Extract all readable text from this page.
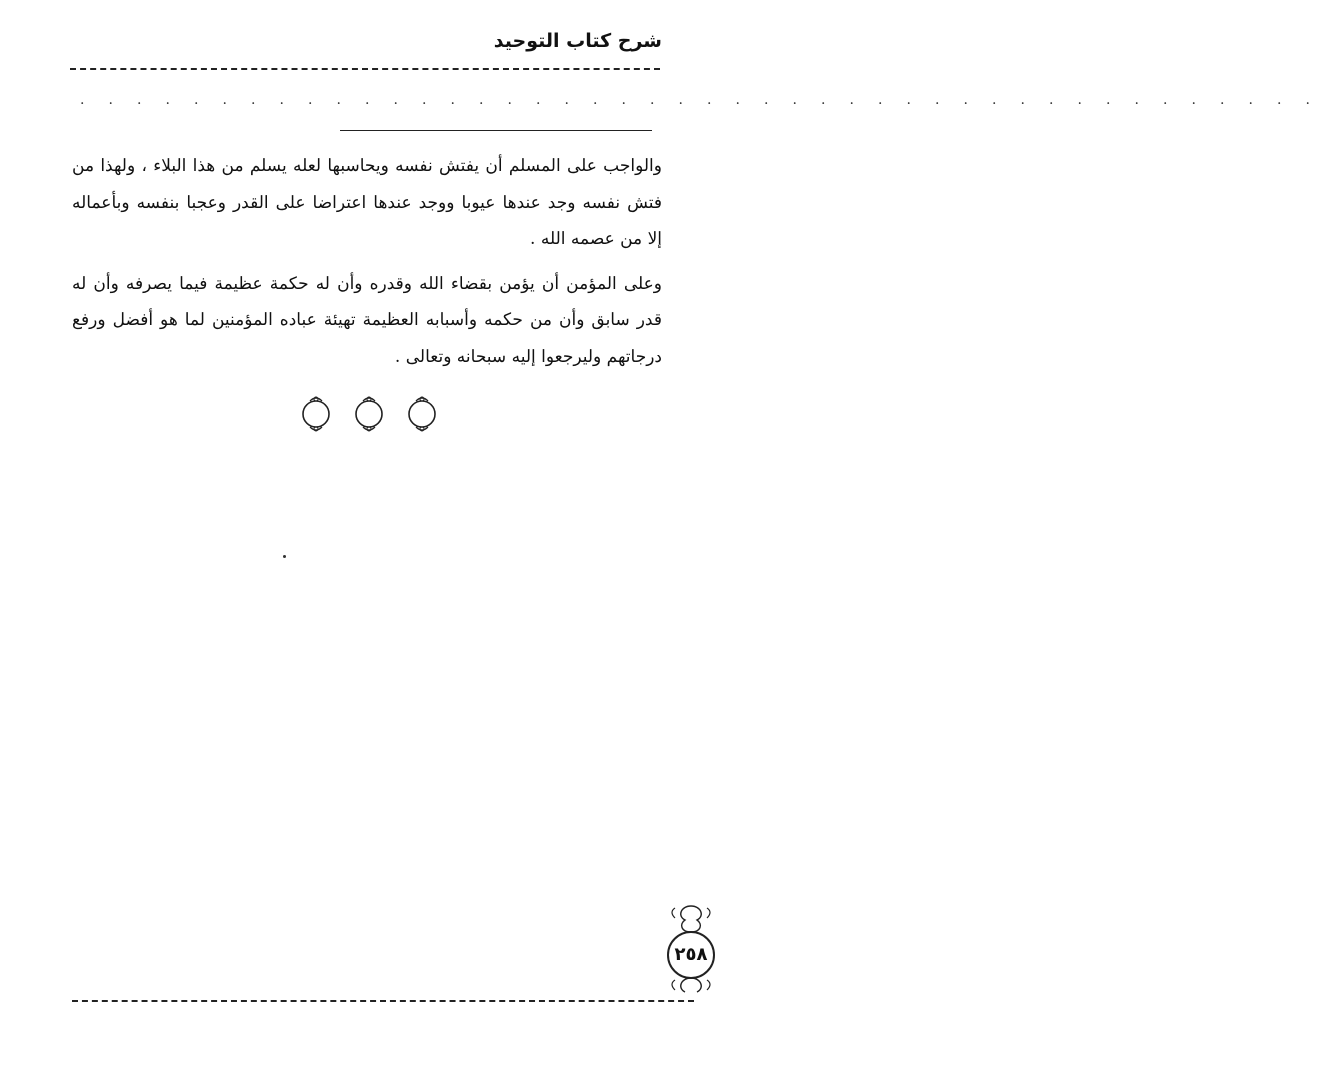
شرح كتاب التوحيد
. . . . . . . . . . . . . . . . . . . . . . . . . . . . . . . . . . . . . . . . . . . .

والواجب على المسلم أن يفتش نفسه ويحاسبها لعله يسلم من هذا البلاء ، ولهذا من فتش نفسه وجد عندها عيوبا ووجد عندها اعتراضا على القدر وعجبا بنفسه وبأعماله إلا من عصمه الله .

وعلى المؤمن أن يؤمن بقضاء الله وقدره وأن له حكمة عظيمة فيما يصرفه وأن له قدر سابق وأن من حكمه وأسبابه العظيمة تهيئة عباده المؤمنين لما هو أفضل ورفع درجاتهم وليرجعوا إليه سبحانه وتعالى .

٢٥٨
